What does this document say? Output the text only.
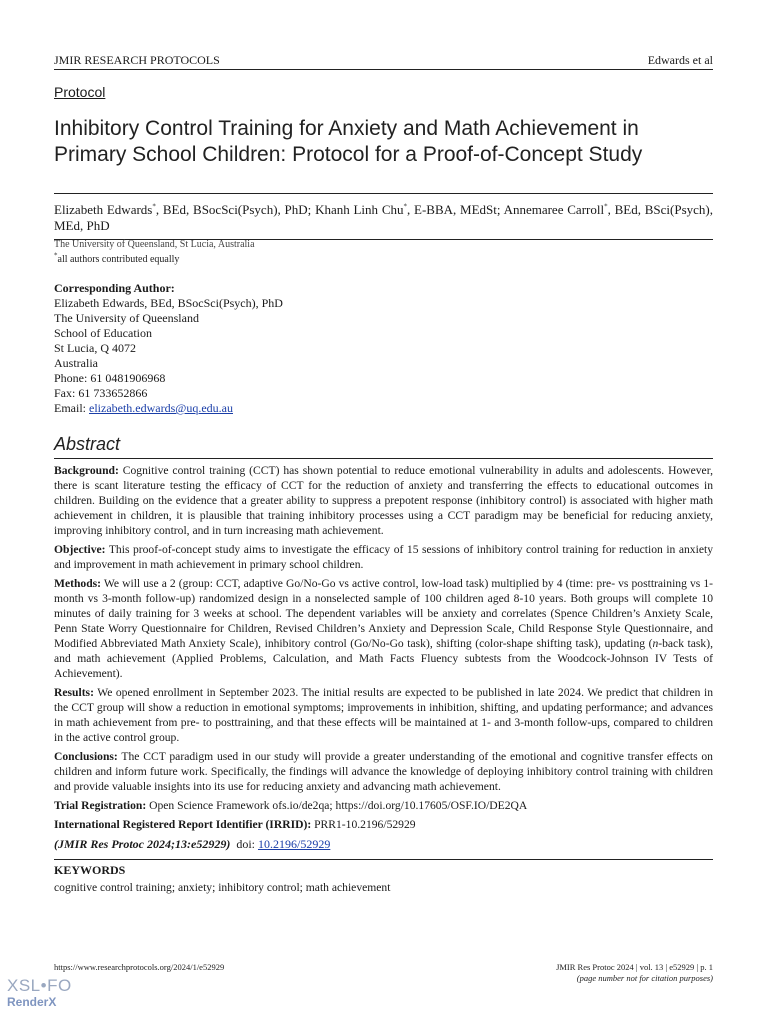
JMIR RESEARCH PROTOCOLS	Edwards et al
Protocol
Inhibitory Control Training for Anxiety and Math Achievement in Primary School Children: Protocol for a Proof-of-Concept Study
Elizabeth Edwards*, BEd, BSocSci(Psych), PhD; Khanh Linh Chu*, E-BBA, MEdSt; Annemaree Carroll*, BEd, BSci(Psych), MEd, PhD
The University of Queensland, St Lucia, Australia
*all authors contributed equally
Corresponding Author:
Elizabeth Edwards, BEd, BSocSci(Psych), PhD
The University of Queensland
School of Education
St Lucia, Q 4072
Australia
Phone: 61 0481906968
Fax: 61 733652866
Email: elizabeth.edwards@uq.edu.au
Abstract

Background: Cognitive control training (CCT) has shown potential to reduce emotional vulnerability in adults and adolescents. However, there is scant literature testing the efficacy of CCT for the reduction of anxiety and transferring the effects to educational outcomes in children. Building on the evidence that a greater ability to suppress a prepotent response (inhibitory control) is associated with higher math achievement in children, it is plausible that training inhibitory processes using a CCT paradigm may be beneficial for reducing anxiety, improving inhibitory control, and in turn increasing math achievement.

Objective: This proof-of-concept study aims to investigate the efficacy of 15 sessions of inhibitory control training for reduction in anxiety and improvement in math achievement in primary school children.

Methods: We will use a 2 (group: CCT, adaptive Go/No-Go vs active control, low-load task) multiplied by 4 (time: pre- vs posttraining vs 1-month vs 3-month follow-up) randomized design in a nonselected sample of 100 children aged 8-10 years. Both groups will complete 10 minutes of daily training for 3 weeks at school. The dependent variables will be anxiety and correlates (Spence Children’s Anxiety Scale, Penn State Worry Questionnaire for Children, Revised Children’s Anxiety and Depression Scale, Child Response Style Questionnaire, and Modified Abbreviated Math Anxiety Scale), inhibitory control (Go/No-Go task), shifting (color-shape shifting task), updating (n-back task), and math achievement (Applied Problems, Calculation, and Math Facts Fluency subtests from the Woodcock-Johnson IV Tests of Achievement).

Results: We opened enrollment in September 2023. The initial results are expected to be published in late 2024. We predict that children in the CCT group will show a reduction in emotional symptoms; improvements in inhibition, shifting, and updating performance; and advances in math achievement from pre- to posttraining, and that these effects will be maintained at 1- and 3-month follow-ups, compared to children in the active control group.

Conclusions: The CCT paradigm used in our study will provide a greater understanding of the emotional and cognitive transfer effects on children and inform future work. Specifically, the findings will advance the knowledge of deploying inhibitory control training with children and provide valuable insights into its use for reducing anxiety and advancing math achievement.

Trial Registration: Open Science Framework ofs.io/de2qa; https://doi.org/10.17605/OSF.IO/DE2QA

International Registered Report Identifier (IRRID): PRR1-10.2196/52929

(JMIR Res Protoc 2024;13:e52929) doi: 10.2196/52929
KEYWORDS
cognitive control training; anxiety; inhibitory control; math achievement
https://www.researchprotocols.org/2024/1/e52929	JMIR Res Protoc 2024 | vol. 13 | e52929 | p. 1
(page number not for citation purposes)
XSL•FO
RenderX
